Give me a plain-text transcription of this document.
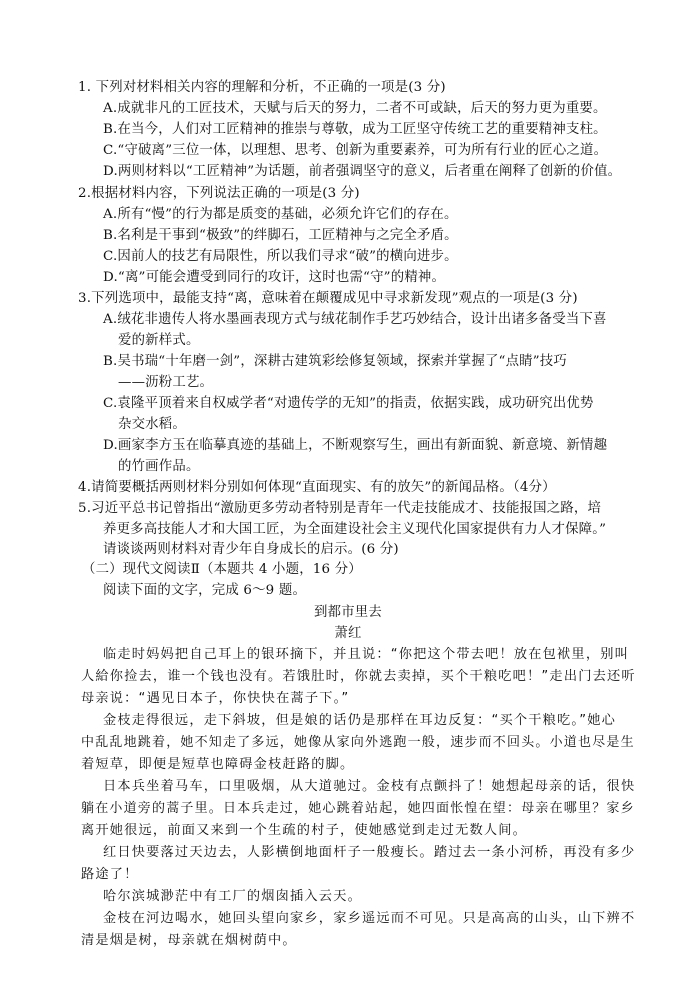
1. 下列对材料相关内容的理解和分析，不正确的一项是(3 分)
A.成就非凡的工匠技术，天赋与后天的努力，二者不可或缺，后天的努力更为重要。
B.在当今，人们对工匠精神的推崇与尊敬，成为工匠坚守传统工艺的重要精神支柱。
C.“守破离”三位一体，以理想、思考、创新为重要素养，可为所有行业的匠心之道。
D.两则材料以“工匠精神”为话题，前者强调坚守的意义，后者重在阐释了创新的价值。
2.根据材料内容，下列说法正确的一项是(3 分)
A.所有“慢”的行为都是质变的基础，必须允许它们的存在。
B.名利是干事到“极致”的绊脚石，工匠精神与之完全矛盾。
C.因前人的技艺有局限性，所以我们寻求“破”的横向进步。
D.“离”可能会遭受到同行的攻讦，这时也需“守”的精神。
3.下列选项中，最能支持“离，意味着在颠覆成见中寻求新发现”观点的一项是(3 分)
A.绒花非遗传人将水墨画表现方式与绒花制作手艺巧妙结合，设计出诸多备受当下喜
爱的新样式。
B.吴书瑞“十年磨一剑”，深耕古建筑彩绘修复领域，探索并掌握了“点睛”技巧
——沥粉工艺。
C.袁隆平顶着来自权威学者“对遗传学的无知”的指责，依据实践，成功研究出优势
杂交水稻。
D.画家李方玉在临摹真迹的基础上，不断观察写生，画出有新面貌、新意境、新情趣
的竹画作品。
4.请简要概括两则材料分别如何体现“直面现实、有的放矢”的新闻品格。（4分）
5.习近平总书记曾指出“激励更多劳动者特别是青年一代走技能成才、技能报国之路，培
养更多高技能人才和大国工匠，为全面建设社会主义现代化国家提供有力人才保障。”
请谈谈两则材料对青少年自身成长的启示。(6 分)
（二）现代文阅读Ⅱ（本题共 4 小题，16 分）
阅读下面的文字，完成 6～9 题。
到都市里去
萧红
临走时妈妈把自己耳上的银环摘下，并且说：“你把这个带去吧！放在包袱里，别叫
人給你捡去，谁一个钱也没有。若饿肚时，你就去卖掉，买个干粮吃吧！”走出门去还听
母亲说：“遇见日本子，你快快在蒿子下。”
金枝走得很远，走下斜坡，但是娘的话仍是那样在耳边反复：“买个干粮吃。”她心
中乱乱地跳着，她不知走了多远，她像从家向外逃跑一般，速步而不回头。小道也尽是生
着短草，即便是短草也障碍金枝赶路的脚。
日本兵坐着马车，口里吸烟，从大道驰过。金枝有点颤抖了！她想起母亲的话，很快
躺在小道旁的蒿子里。日本兵走过，她心跳着站起，她四面怅惶在望：母亲在哪里？家乡
离开她很远，前面又来到一个生疏的村子，使她感觉到走过无数人间。
红日快要落过天边去，人影横倒地面杆子一般瘦长。踏过去一条小河桥，再没有多少
路途了！
哈尔滨城渺茫中有工厂的烟囱插入云天。
金枝在河边喝水，她回头望向家乡，家乡遥远而不可见。只是高高的山头，山下辨不
清是烟是树，母亲就在烟树荫中。
